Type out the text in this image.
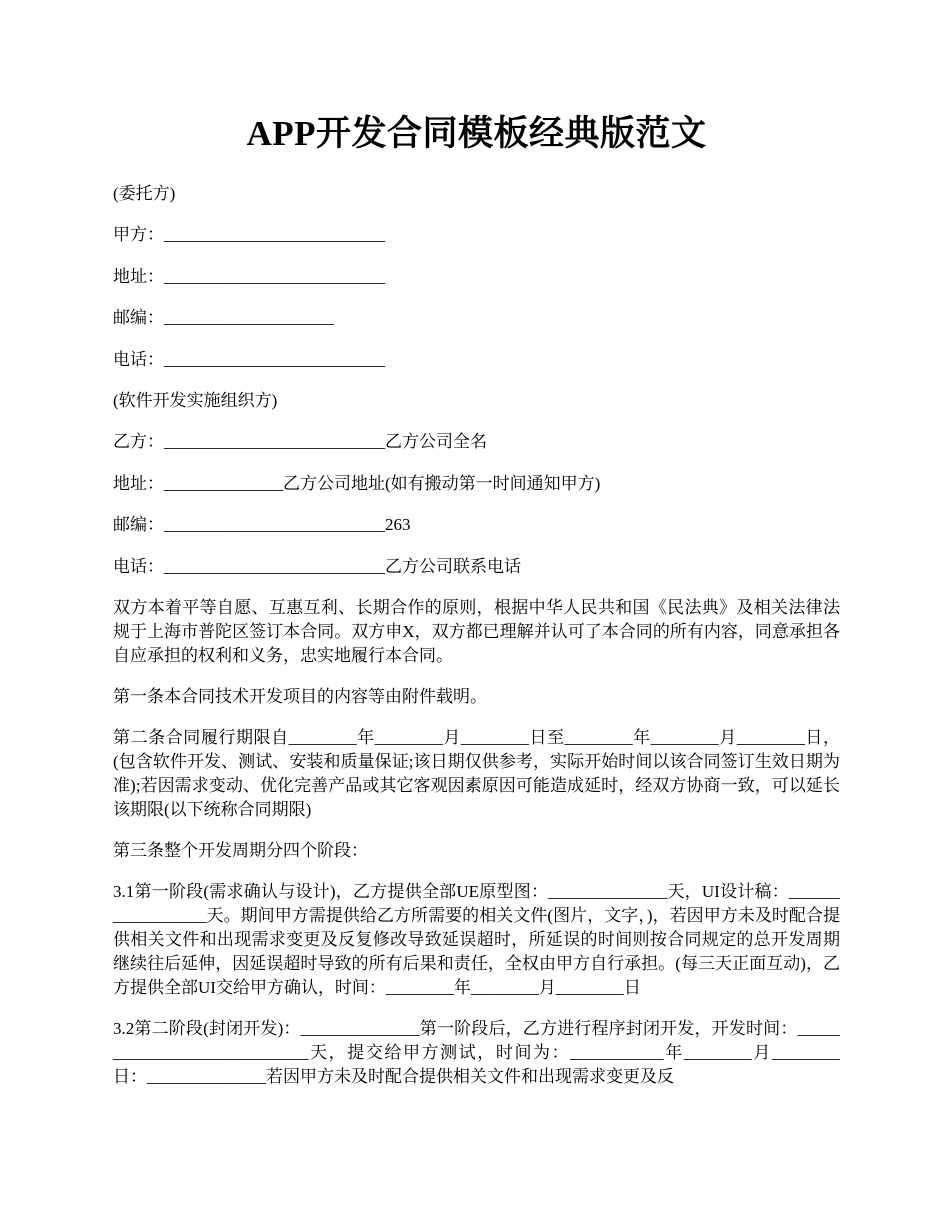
APP开发合同模板经典版范文
(委托方)
甲方：__________________________
地址：__________________________
邮编：____________________
电话：__________________________
(软件开发实施组织方)
乙方：__________________________乙方公司全名
地址：______________乙方公司地址(如有搬动第一时间通知甲方)
邮编：__________________________263
电话：__________________________乙方公司联系电话

双方本着平等自愿、互惠互利、长期合作的原则，根据中华人民共和国《民法典》及相关法律法规于上海市普陀区签订本合同。双方申X，双方都已理解并认可了本合同的所有内容，同意承担各自应承担的权利和义务，忠实地履行本合同。

第一条本合同技术开发项目的内容等由附件载明。

第二条合同履行期限自________年________月________日至________年________月________日，(包含软件开发、测试、安装和质量保证;该日期仅供参考，实际开始时间以该合同签订生效日期为准);若因需求变动、优化完善产品或其它客观因素原因可能造成延时，经双方协商一致，可以延长该期限(以下统称合同期限)

第三条整个开发周期分四个阶段：

3.1第一阶段(需求确认与设计)，乙方提供全部UE原型图：______________天，UI设计稿：_________________天。期间甲方需提供给乙方所需要的相关文件(图片，文字，)，若因甲方未及时配合提供相关文件和出现需求变更及反复修改导致延误超时，所延误的时间则按合同规定的总开发周期继续往后延伸，因延误超时导致的所有后果和责任，全权由甲方自行承担。(每三天正面互动)，乙方提供全部UI交给甲方确认，时间：________年________月________日

3.2第二阶段(封闭开发)：______________第一阶段后，乙方进行程序封闭开发，开发时间：____________________________天，提交给甲方测试，时间为：___________年________月________日：______________若因甲方未及时配合提供相关文件和出现需求变更及反
